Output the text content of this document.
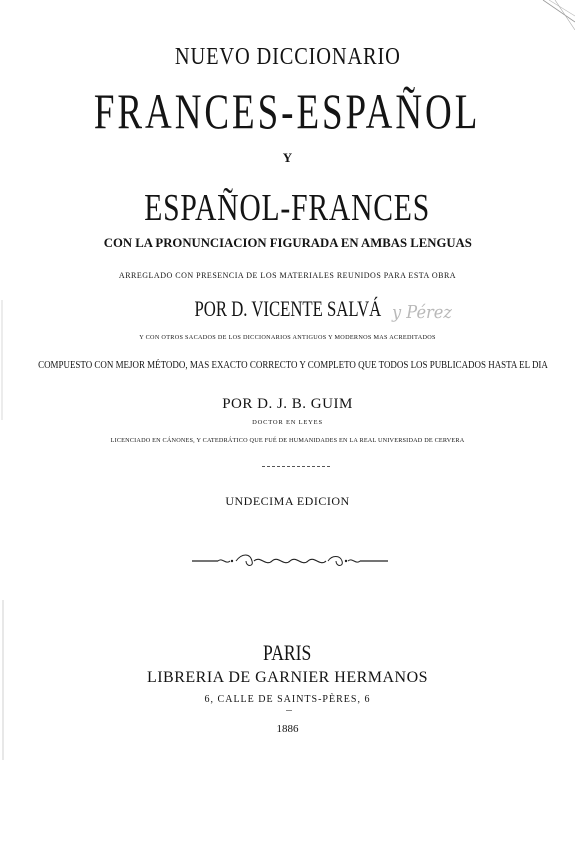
NUEVO DICCIONARIO
FRANCES-ESPAÑOL
Y
ESPAÑOL-FRANCES
CON LA PRONUNCIACION FIGURADA EN AMBAS LENGUAS
ARREGLADO CON PRESENCIA DE LOS MATERIALES REUNIDOS PARA ESTA OBRA
POR D. VICENTE SALVÁ y Pérez
Y CON OTROS SACADOS DE LOS DICCIONARIOS ANTIGUOS Y MODERNOS MAS ACREDITADOS
COMPUESTO CON MEJOR MÉTODO, MAS EXACTO CORRECTO Y COMPLETO QUE TODOS LOS PUBLICADOS HASTA EL DIA
POR D. J. B. GUIM
DOCTOR EN LEYES
LICENCIADO EN CÁNONES, Y CATEDRÁTICO QUE FUÉ DE HUMANIDADES EN LA REAL UNIVERSIDAD DE CERVERA
UNDECIMA EDICION
PARIS
LIBRERIA DE GARNIER HERMANOS
6, CALLE DE SAINTS-PÈRES, 6
1886
